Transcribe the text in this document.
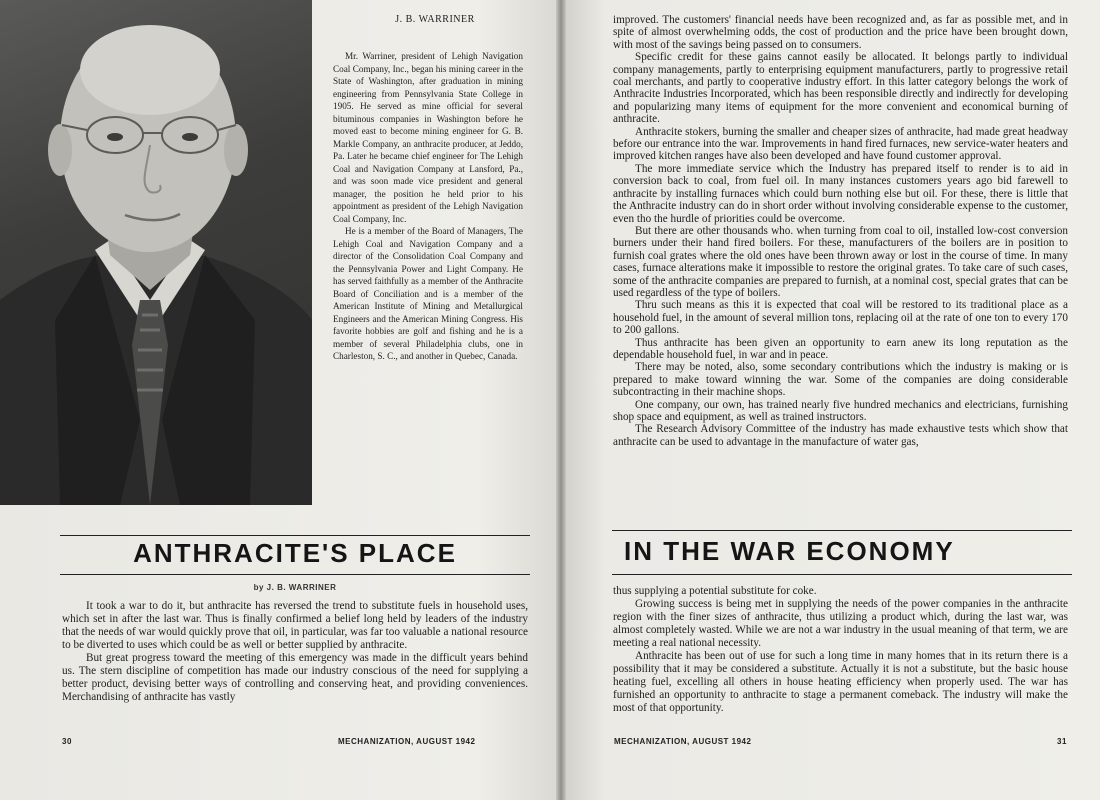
J. B. WARRINER

Mr. Warriner, president of Lehigh Navigation Coal Company, Inc., began his mining career in the State of Washington, after graduation in mining engineering from Pennsylvania State College in 1905. He served as mine official for several bituminous companies in Washington before he moved east to become mining engineer for G. B. Markle Company, an anthracite producer, at Jeddo, Pa. Later he became chief engineer for The Lehigh Coal and Navigation Company at Lansford, Pa., and was soon made vice president and general manager, the position he held prior to his appointment as president of the Lehigh Navigation Coal Company, Inc.

He is a member of the Board of Managers, The Lehigh Coal and Navigation Company and a director of the Consolidation Coal Company and the Pennsylvania Power and Light Company. He has served faithfully as a member of the Anthracite Board of Conciliation and is a member of the American Institute of Mining and Metallurgical Engineers and the American Mining Congress. His favorite hobbies are golf and fishing and he is a member of several Philadelphia clubs, one in Charleston, S. C., and another in Quebec, Canada.

ANTHRACITE'S PLACE
by J. B. WARRINER

It took a war to do it, but anthracite has reversed the trend to substitute fuels in household uses, which set in after the last war. Thus is finally confirmed a belief long held by leaders of the industry that the needs of war would quickly prove that oil, in particular, was far too valuable a national resource to be diverted to uses which could be as well or better supplied by anthracite.

But great progress toward the meeting of this emergency was made in the difficult years behind us. The stern discipline of competition has made our industry conscious of the need for supplying a better product, devising better ways of controlling and conserving heat, and providing conveniences. Merchandising of anthracite has vastly

30	MECHANIZATION, AUGUST 1942

improved. The customers' financial needs have been recognized and, as far as possible met, and in spite of almost overwhelming odds, the cost of production and the price have been brought down, with most of the savings being passed on to consumers.

Specific credit for these gains cannot easily be allocated. It belongs partly to individual company managements, partly to enterprising equipment manufacturers, partly to progressive retail coal merchants, and partly to cooperative industry effort. In this latter category belongs the work of Anthracite Industries Incorporated, which has been responsible directly and indirectly for developing and popularizing many items of equipment for the more convenient and economical burning of anthracite.

Anthracite stokers, burning the smaller and cheaper sizes of anthracite, had made great headway before our entrance into the war. Improvements in hand fired furnaces, new service-water heaters and improved kitchen ranges have also been developed and have found customer approval.

The more immediate service which the Industry has prepared itself to render is to aid in conversion back to coal, from fuel oil. In many instances customers years ago bid farewell to anthracite by installing furnaces which could burn nothing else but oil. For these, there is little that the Anthracite industry can do in short order without involving considerable expense to the customer, even tho the hurdle of priorities could be overcome.

But there are other thousands who. when turning from coal to oil, installed low-cost conversion burners under their hand fired boilers. For these, manufacturers of the boilers are in position to furnish coal grates where the old ones have been thrown away or lost in the course of time. In many cases, furnace alterations make it impossible to restore the original grates. To take care of such cases, some of the anthracite companies are prepared to furnish, at a nominal cost, special grates that can be used regardless of the type of boilers.

Thru such means as this it is expected that coal will be restored to its traditional place as a household fuel, in the amount of several million tons, replacing oil at the rate of one ton to every 170 to 200 gallons.

Thus anthracite has been given an opportunity to earn anew its long reputation as the dependable household fuel, in war and in peace.

There may be noted, also, some secondary contributions which the industry is making or is prepared to make toward winning the war. Some of the companies are doing considerable subcontracting in their machine shops.

One company, our own, has trained nearly five hundred mechanics and electricians, furnishing shop space and equipment, as well as trained instructors.

The Research Advisory Committee of the industry has made exhaustive tests which show that anthracite can be used to advantage in the manufacture of water gas,

IN THE WAR ECONOMY

thus supplying a potential substitute for coke.

Growing success is being met in supplying the needs of the power companies in the anthracite region with the finer sizes of anthracite, thus utilizing a product which, during the last war, was almost completely wasted. While we are not a war industry in the usual meaning of that term, we are meeting a real national necessity.

Anthracite has been out of use for such a long time in many homes that in its return there is a possibility that it may be considered a substitute. Actually it is not a substitute, but the basic house heating fuel, excelling all others in house heating efficiency when properly used. The war has furnished an opportunity to anthracite to stage a permanent comeback. The industry will make the most of that opportunity.

MECHANIZATION, AUGUST 1942	31
